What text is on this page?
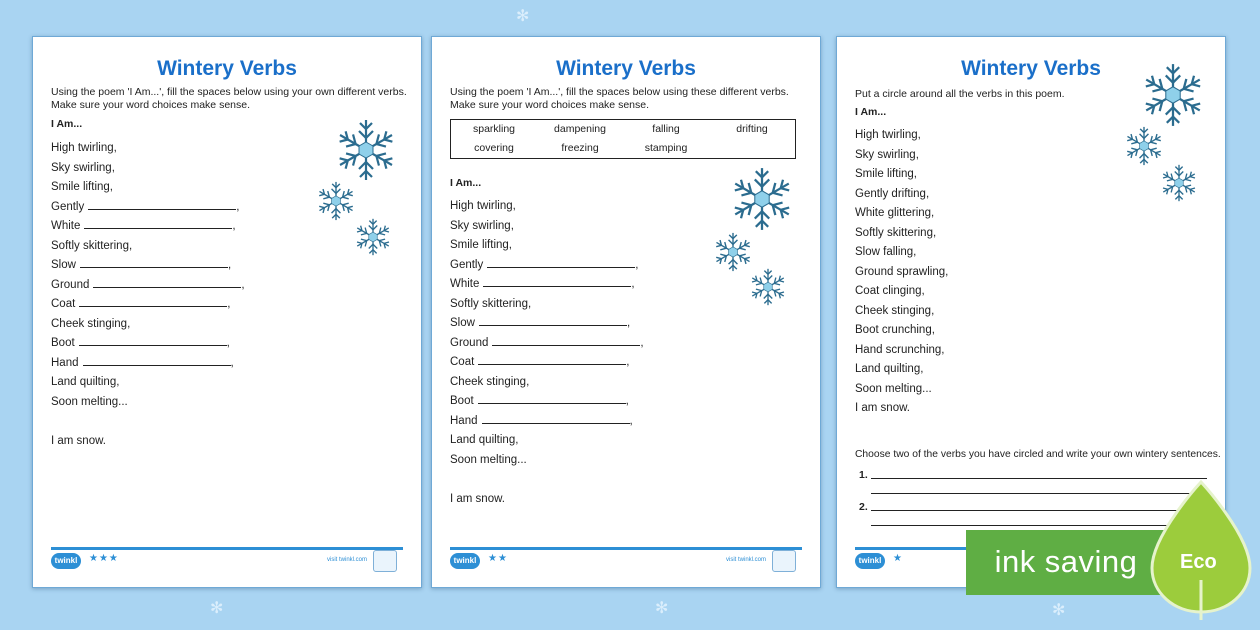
✻
✻	✻	✻
Wintery Verbs
Using the poem 'I Am...', fill the spaces below using your own different verbs.
Make sure your word choices make sense.
I Am...
High twirling,
Sky swirling,
Smile lifting,
Gently	,
White	,
Softly skittering,
Slow	,
Ground	,
Coat	,
Cheek stinging,
Boot	,
Hand	,
Land quilting,
Soon melting...
I am snow.
twinkl	★★★	visit twinkl.com
Wintery Verbs
Using the poem 'I Am...', fill the spaces below using these different verbs.
Make sure your word choices make sense.
sparkling	dampening	falling	drifting
covering	freezing	stamping
I Am...
High twirling,
Sky swirling,
Smile lifting,
Gently	,
White	,
Softly skittering,
Slow	,
Ground	,
Coat	,
Cheek stinging,
Boot	,
Hand	,
Land quilting,
Soon melting...
I am snow.
twinkl	★★	visit twinkl.com
Wintery Verbs
Put a circle around all the verbs in this poem.
I Am...
High twirling,
Sky swirling,
Smile lifting,
Gently drifting,
White glittering,
Softly skittering,
Slow falling,
Ground sprawling,
Coat clinging,
Cheek stinging,
Boot crunching,
Hand scrunching,
Land quilting,
Soon melting...
I am snow.
Choose two of the verbs you have circled and write your own wintery sentences.
1.
2.
twinkl	★	ink saving	Eco
